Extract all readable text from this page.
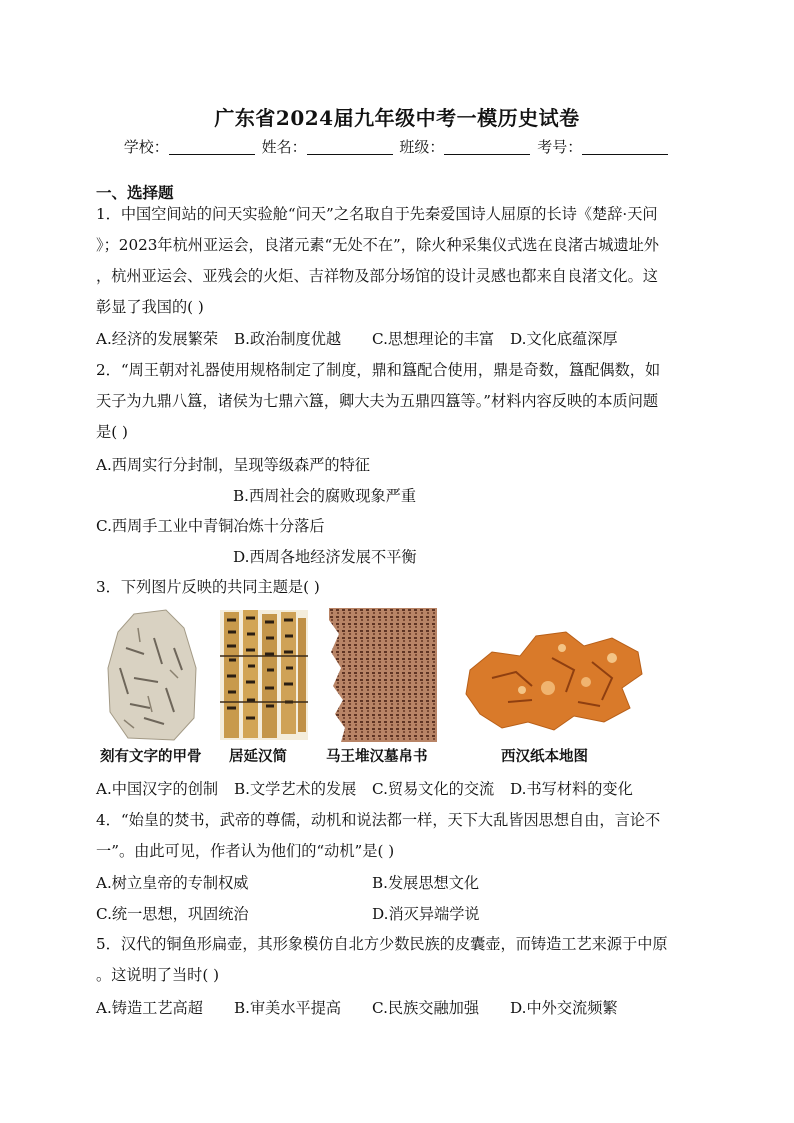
广东省2024届九年级中考一模历史试卷
学校：	姓名：	班级：	考号：
一、选择题
1．中国空间站的问天实验舱“问天”之名取自于先秦爱国诗人屈原的长诗《楚辞·天问
》；2023年杭州亚运会，良渚元素“无处不在”，除火种采集仪式选在良渚古城遗址外
，杭州亚运会、亚残会的火炬、吉祥物及部分场馆的设计灵感也都来自良渚文化。这
彰显了我国的( )
A.经济的发展繁荣 B.政治制度优越 C.思想理论的丰富 D.文化底蕴深厚
2．“周王朝对礼器使用规格制定了制度，鼎和簋配合使用，鼎是奇数，簋配偶数，如
天子为九鼎八簋，诸侯为七鼎六簋，卿大夫为五鼎四簋等。”材料内容反映的本质问题
是( )
A.西周实行分封制，呈现等级森严的特征
B.西周社会的腐败现象严重
C.西周手工业中青铜冶炼十分落后
D.西周各地经济发展不平衡
3．下列图片反映的共同主题是( )
刻有文字的甲骨 居延汉简	马王堆汉墓帛书	西汉纸本地图
A.中国汉字的创制 B.文学艺术的发展 C.贸易文化的交流 D.书写材料的变化
4．“始皇的焚书，武帝的尊儒，动机和说法都一样，天下大乱皆因思想自由，言论不
一”。由此可见，作者认为他们的“动机”是( )
A.树立皇帝的专制权威	B.发展思想文化
C.统一思想，巩固统治	D.消灭异端学说
5．汉代的铜鱼形扁壶，其形象模仿自北方少数民族的皮囊壶，而铸造工艺来源于中原
。这说明了当时( )
A.铸造工艺高超 B.审美水平提高 C.民族交融加强 D.中外交流频繁
